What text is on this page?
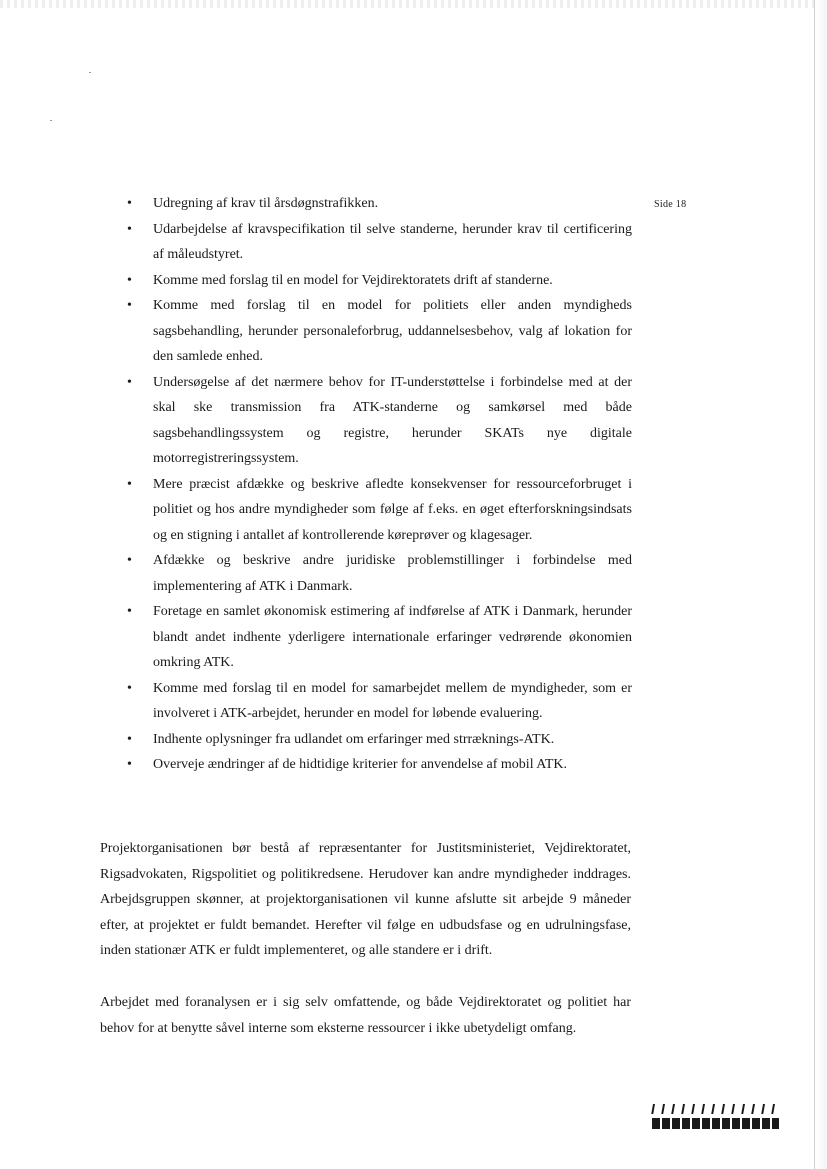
Side 18
• Udregning af krav til årsdøgnstrafikken.
• Udarbejdelse af kravspecifikation til selve standerne, herunder krav til certificering af måleudstyret.
• Komme med forslag til en model for Vejdirektoratets drift af standerne.
• Komme med forslag til en model for politiets eller anden myndigheds sagsbehandling, herunder personaleforbrug, uddannelsesbehov, valg af lokation for den samlede enhed.
• Undersøgelse af det nærmere behov for IT-understøttelse i forbindelse med at der skal ske transmission fra ATK-standerne og samkørsel med både sagsbehandlingssystem og registre, herunder SKATs nye digitale motorregistreringssystem.
• Mere præcist afdække og beskrive afledte konsekvenser for ressourceforbruget i politiet og hos andre myndigheder som følge af f.eks. en øget efterforskningsindsats og en stigning i antallet af kontrollerende køreprøver og klagesager.
• Afdække og beskrive andre juridiske problemstillinger i forbindelse med implementering af ATK i Danmark.
• Foretage en samlet økonomisk estimering af indførelse af ATK i Danmark, herunder blandt andet indhente yderligere internationale erfaringer vedrørende økonomien omkring ATK.
• Komme med forslag til en model for samarbejdet mellem de myndigheder, som er involveret i ATK-arbejdet, herunder en model for løbende evaluering.
• Indhente oplysninger fra udlandet om erfaringer med strræknings-ATK.
• Overveje ændringer af de hidtidige kriterier for anvendelse af mobil ATK.

Projektorganisationen bør bestå af repræsentanter for Justitsministeriet, Vejdirektoratet, Rigsadvokaten, Rigspolitiet og politikredsene. Herudover kan andre myndigheder inddrages. Arbejdsgruppen skønner, at projektorganisationen vil kunne afslutte sit arbejde 9 måneder efter, at projektet er fuldt bemandet. Herefter vil følge en udbudsfase og en udrulningsfase, inden stationær ATK er fuldt implementeret, og alle standere er i drift.

Arbejdet med foranalysen er i sig selv omfattende, og både Vejdirektoratet og politiet har behov for at benytte såvel interne som eksterne ressourcer i ikke ubetydeligt omfang.
